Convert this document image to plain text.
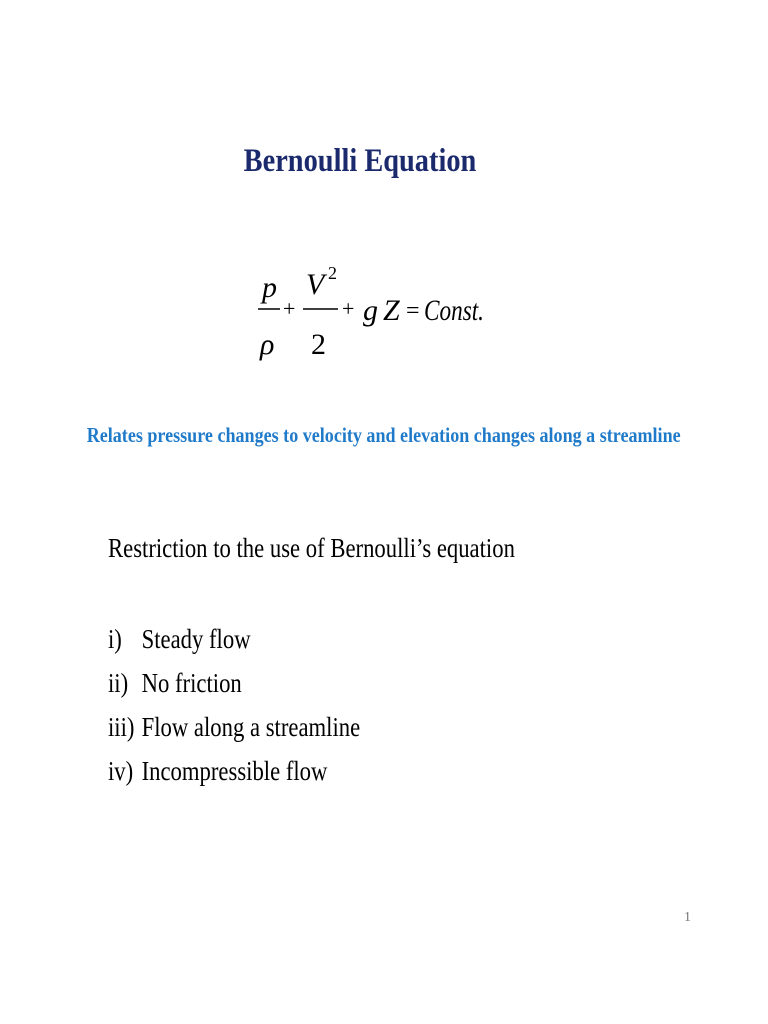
Bernoulli Equation
p
ρ
+
V 2
2
+ g Z = Const.
Relates pressure changes to velocity and elevation changes along a streamline
Restriction to the use of Bernoulli’s equation
i) Steady flow
ii) No friction
iii) Flow along a streamline
iv) Incompressible flow
1
